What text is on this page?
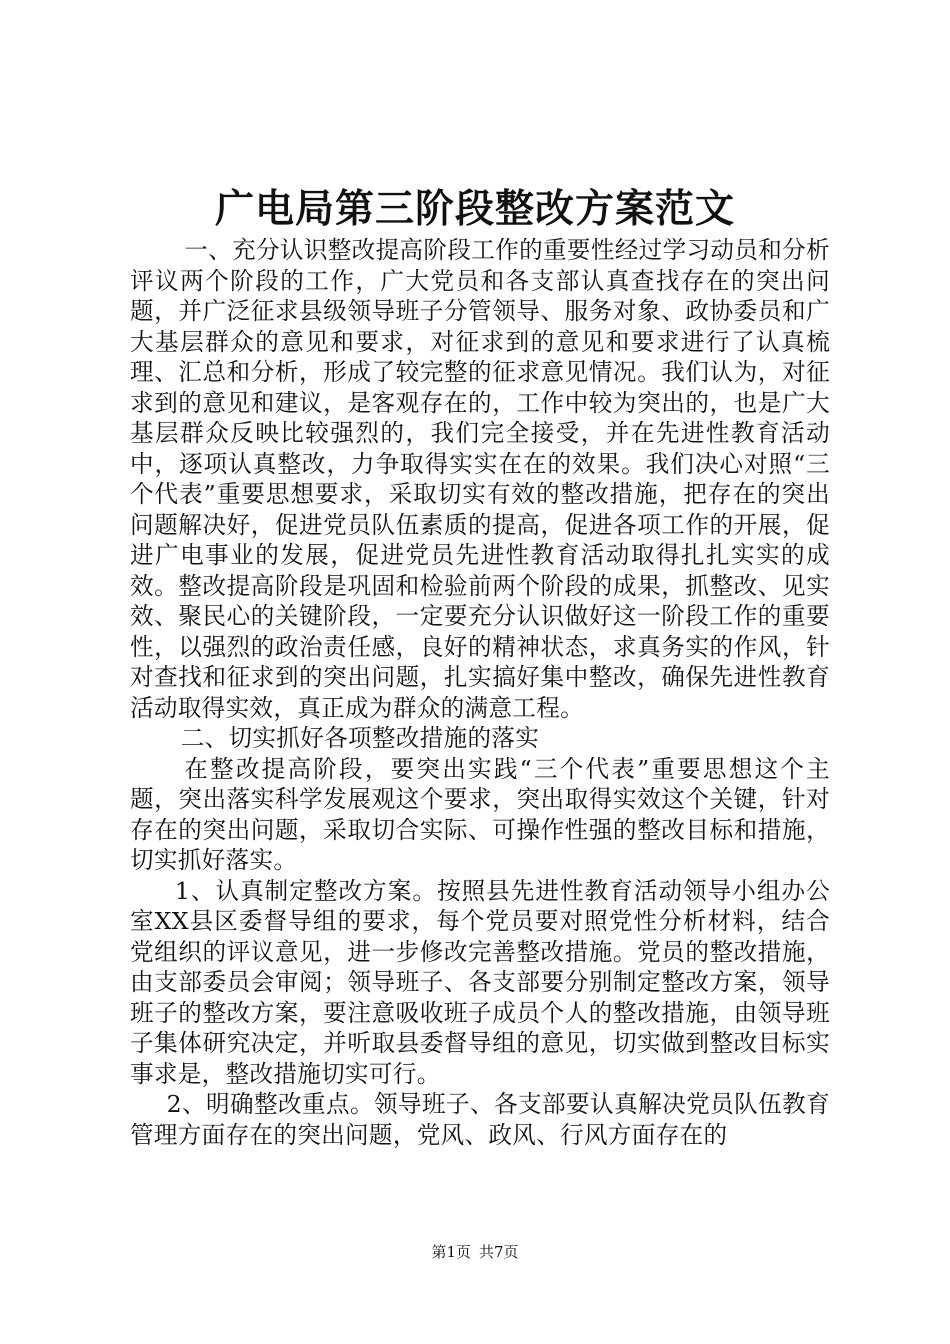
广电局第三阶段整改方案范文

一、充分认识整改提高阶段工作的重要性经过学习动员和分析评议两个阶段的工作，广大党员和各支部认真查找存在的突出问题，并广泛征求县级领导班子分管领导、服务对象、政协委员和广大基层群众的意见和要求，对征求到的意见和要求进行了认真梳理、汇总和分析，形成了较完整的征求意见情况。我们认为，对征求到的意见和建议，是客观存在的，工作中较为突出的，也是广大基层群众反映比较强烈的，我们完全接受，并在先进性教育活动中，逐项认真整改，力争取得实实在在的效果。我们决心对照“三个代表”重要思想要求，采取切实有效的整改措施，把存在的突出问题解决好，促进党员队伍素质的提高，促进各项工作的开展，促进广电事业的发展，促进党员先进性教育活动取得扎扎实实的成效。整改提高阶段是巩固和检验前两个阶段的成果，抓整改、见实效、聚民心的关键阶段，一定要充分认识做好这一阶段工作的重要性，以强烈的政治责任感，良好的精神状态，求真务实的作风，针对查找和征求到的突出问题，扎实搞好集中整改，确保先进性教育活动取得实效，真正成为群众的满意工程。

二、切实抓好各项整改措施的落实

在整改提高阶段，要突出实践“三个代表”重要思想这个主题，突出落实科学发展观这个要求，突出取得实效这个关键，针对存在的突出问题，采取切合实际、可操作性强的整改目标和措施，切实抓好落实。

1、认真制定整改方案。按照县先进性教育活动领导小组办公室XX县区委督导组的要求，每个党员要对照党性分析材料，结合党组织的评议意见，进一步修改完善整改措施。党员的整改措施，由支部委员会审阅；领导班子、各支部要分别制定整改方案，领导班子的整改方案，要注意吸收班子成员个人的整改措施，由领导班子集体研究决定，并听取县委督导组的意见，切实做到整改目标实事求是，整改措施切实可行。

2、明确整改重点。领导班子、各支部要认真解决党员队伍教育管理方面存在的突出问题，党风、政风、行风方面存在的

第1页 共7页
